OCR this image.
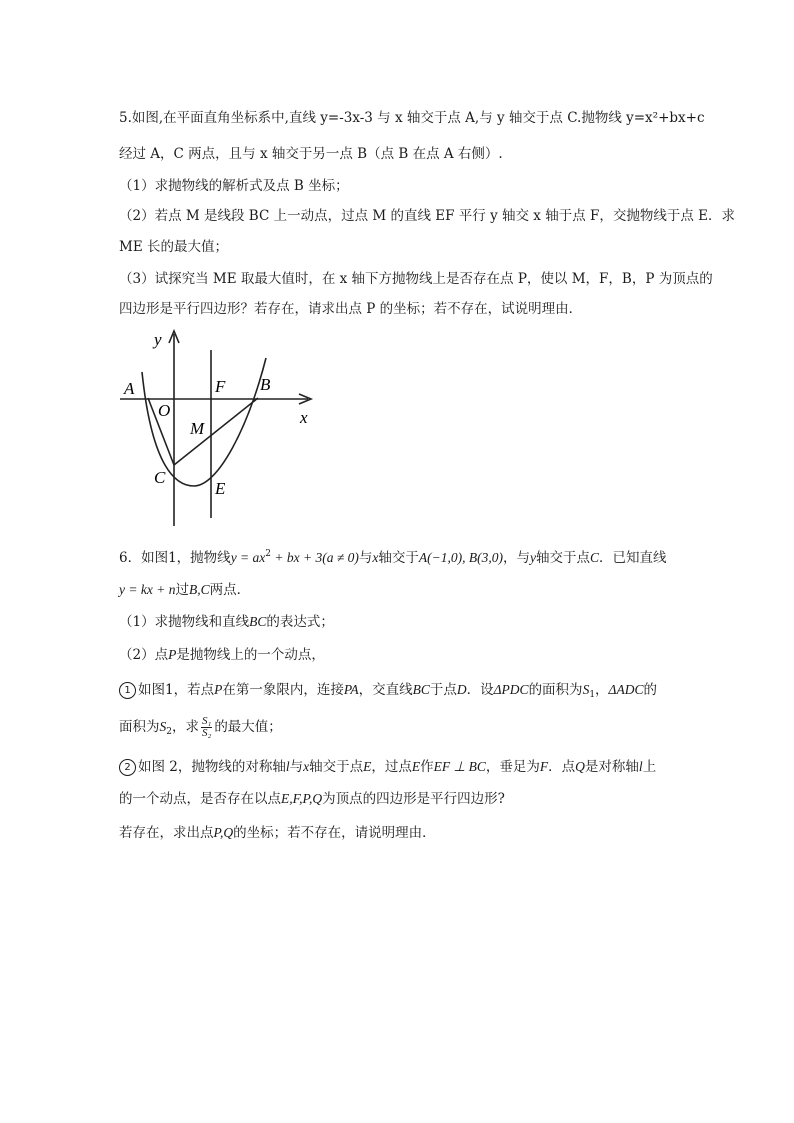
5.如图,在平面直角坐标系中,直线 y=-3x-3 与 x 轴交于点 A,与 y 轴交于点 C.抛物线 y=x²+bx+c
经过 A，C 两点，且与 x 轴交于另一点 B（点 B 在点 A 右侧）.
（1）求抛物线的解析式及点 B 坐标；
（2）若点 M 是线段 BC 上一动点，过点 M 的直线 EF 平行 y 轴交 x 轴于点 F，交抛物线于点 E．求
ME 长的最大值；
（3）试探究当 ME 取最大值时，在 x 轴下方抛物线上是否存在点 P，使以 M，F，B，P 为顶点的
四边形是平行四边形？若存在，请求出点 P 的坐标；若不存在，试说明理由．
y
A
O
F B
x
M
C
E
6．如图1，抛物线$y = ax^2$ + bx + 3(a ≠ 0)与x轴交于A(−1,0), B(3,0)，与y轴交于点C．已知直线
y = kx + n过B,C两点．
（1）求抛物线和直线BC的表达式；
（2）点P是抛物线上的一个动点，
1 如图1，若点P在第一象限内，连接PA，交直线BC于点D．设ΔPDC的面积为$S_1$，ΔADC的
面积为$S_2$，求 $\frac{\text{S₁}}{\text{S₂}}$ 的最大值；
2 如图 2，抛物线的对称轴l与x轴交于点E，过点E作EF ⊥ BC，垂足为F．点Q是对称轴l上
的一个动点，是否存在以点E,F,P,Q为顶点的四边形是平行四边形?
若存在，求出点P,Q的坐标；若不存在，请说明理由．
